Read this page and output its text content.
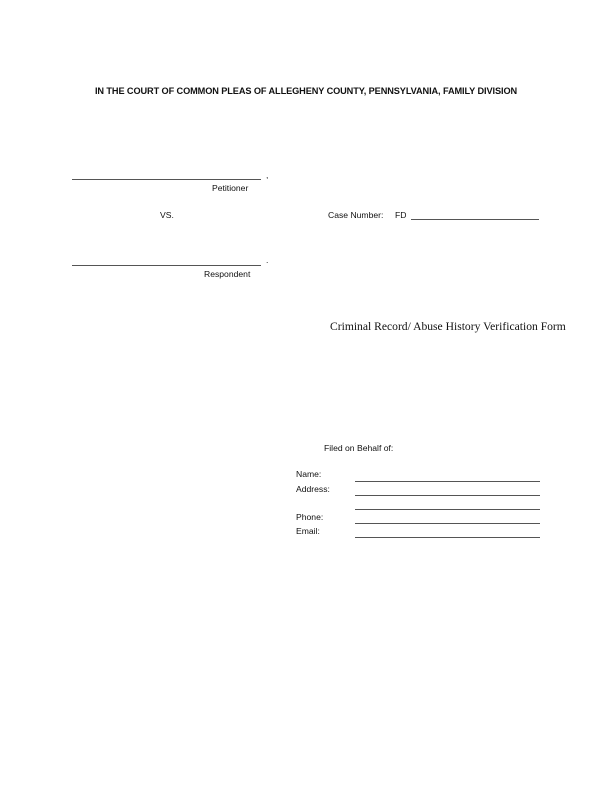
IN THE COURT OF COMMON PLEAS OF ALLEGHENY COUNTY, PENNSYLVANIA, FAMILY DIVISION
,
Petitioner
VS.	Case Number: FD
.
Respondent
Criminal Record/ Abuse History Verification Form
Filed on Behalf of:
Name:
Address:
Phone:
Email:
